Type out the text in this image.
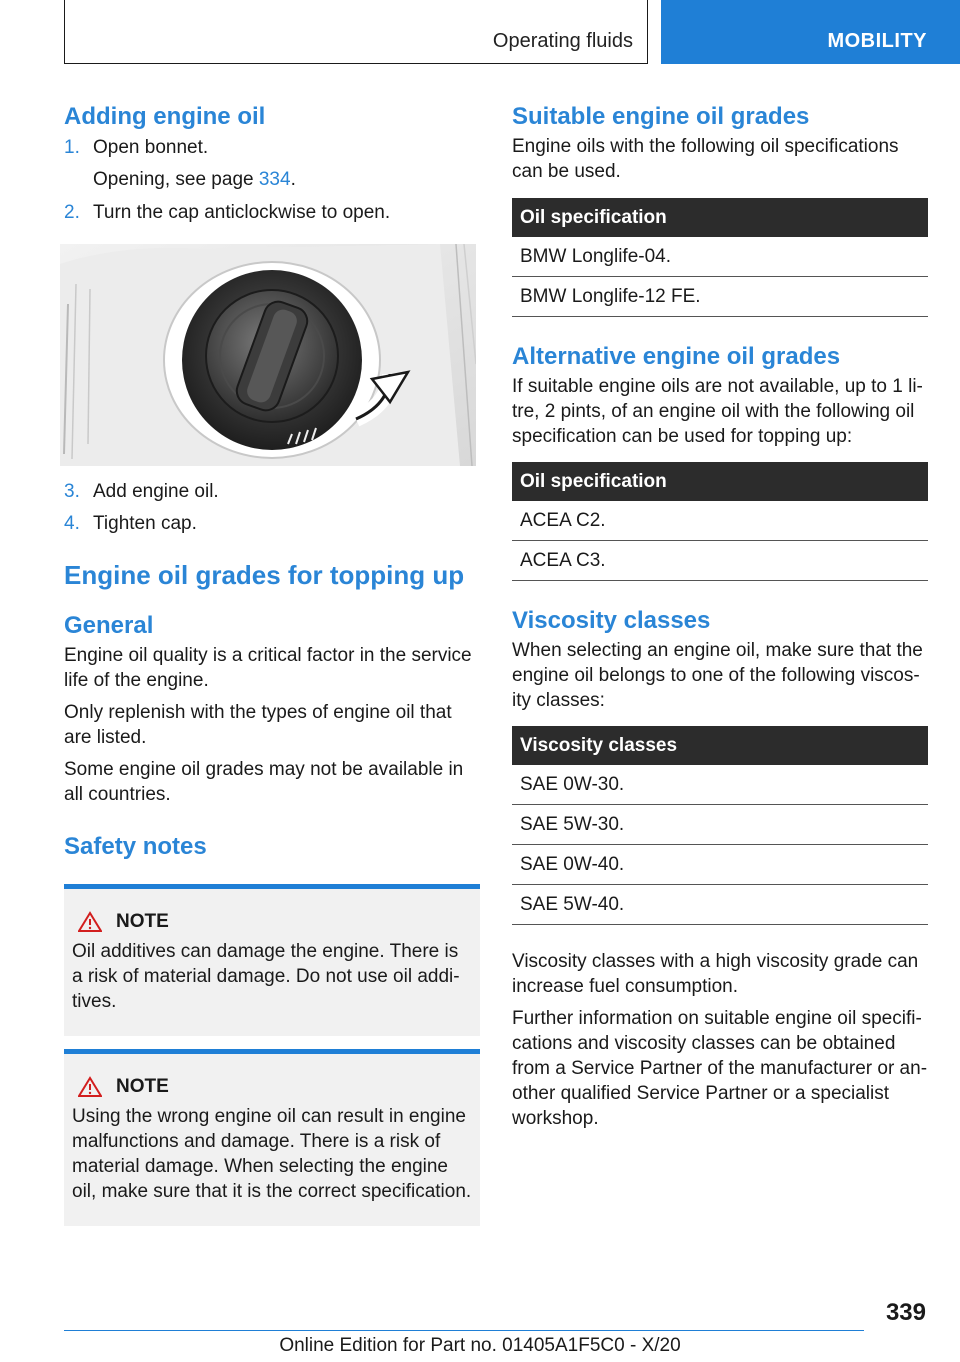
Operating fluids	MOBILITY
Adding engine oil
1. Open bonnet.
Opening, see page 334.
2. Turn the cap anticlockwise to open.
3. Add engine oil.
4. Tighten cap.
Engine oil grades for topping up
General

Engine oil quality is a critical factor in the service life of the engine.

Only replenish with the types of engine oil that are listed.

Some engine oil grades may not be available in all countries.

Safety notes
NOTE

Oil additives can damage the engine. There is a risk of material damage. Do not use oil additives.

NOTE

Using the wrong engine oil can result in engine malfunctions and damage. There is a risk of material damage. When selecting the engine oil, make sure that it is the correct specification.

Suitable engine oil grades

Engine oils with the following oil specifications can be used.

Oil specification
BMW Longlife-04.
BMW Longlife-12 FE.
Alternative engine oil grades

If suitable engine oils are not available, up to 1 litre, 2 pints, of an engine oil with the following oil specification can be used for topping up:

Oil specification
ACEA C2.
ACEA C3.
Viscosity classes

When selecting an engine oil, make sure that the engine oil belongs to one of the following viscosity classes:

Viscosity classes
SAE 0W-30.
SAE 5W-30.
SAE 0W-40.
SAE 5W-40.

Viscosity classes with a high viscosity grade can increase fuel consumption.

Further information on suitable engine oil specifications and viscosity classes can be obtained from a Service Partner of the manufacturer or another qualified Service Partner or a specialist workshop.

339
Online Edition for Part no. 01405A1F5C0 - X/20
